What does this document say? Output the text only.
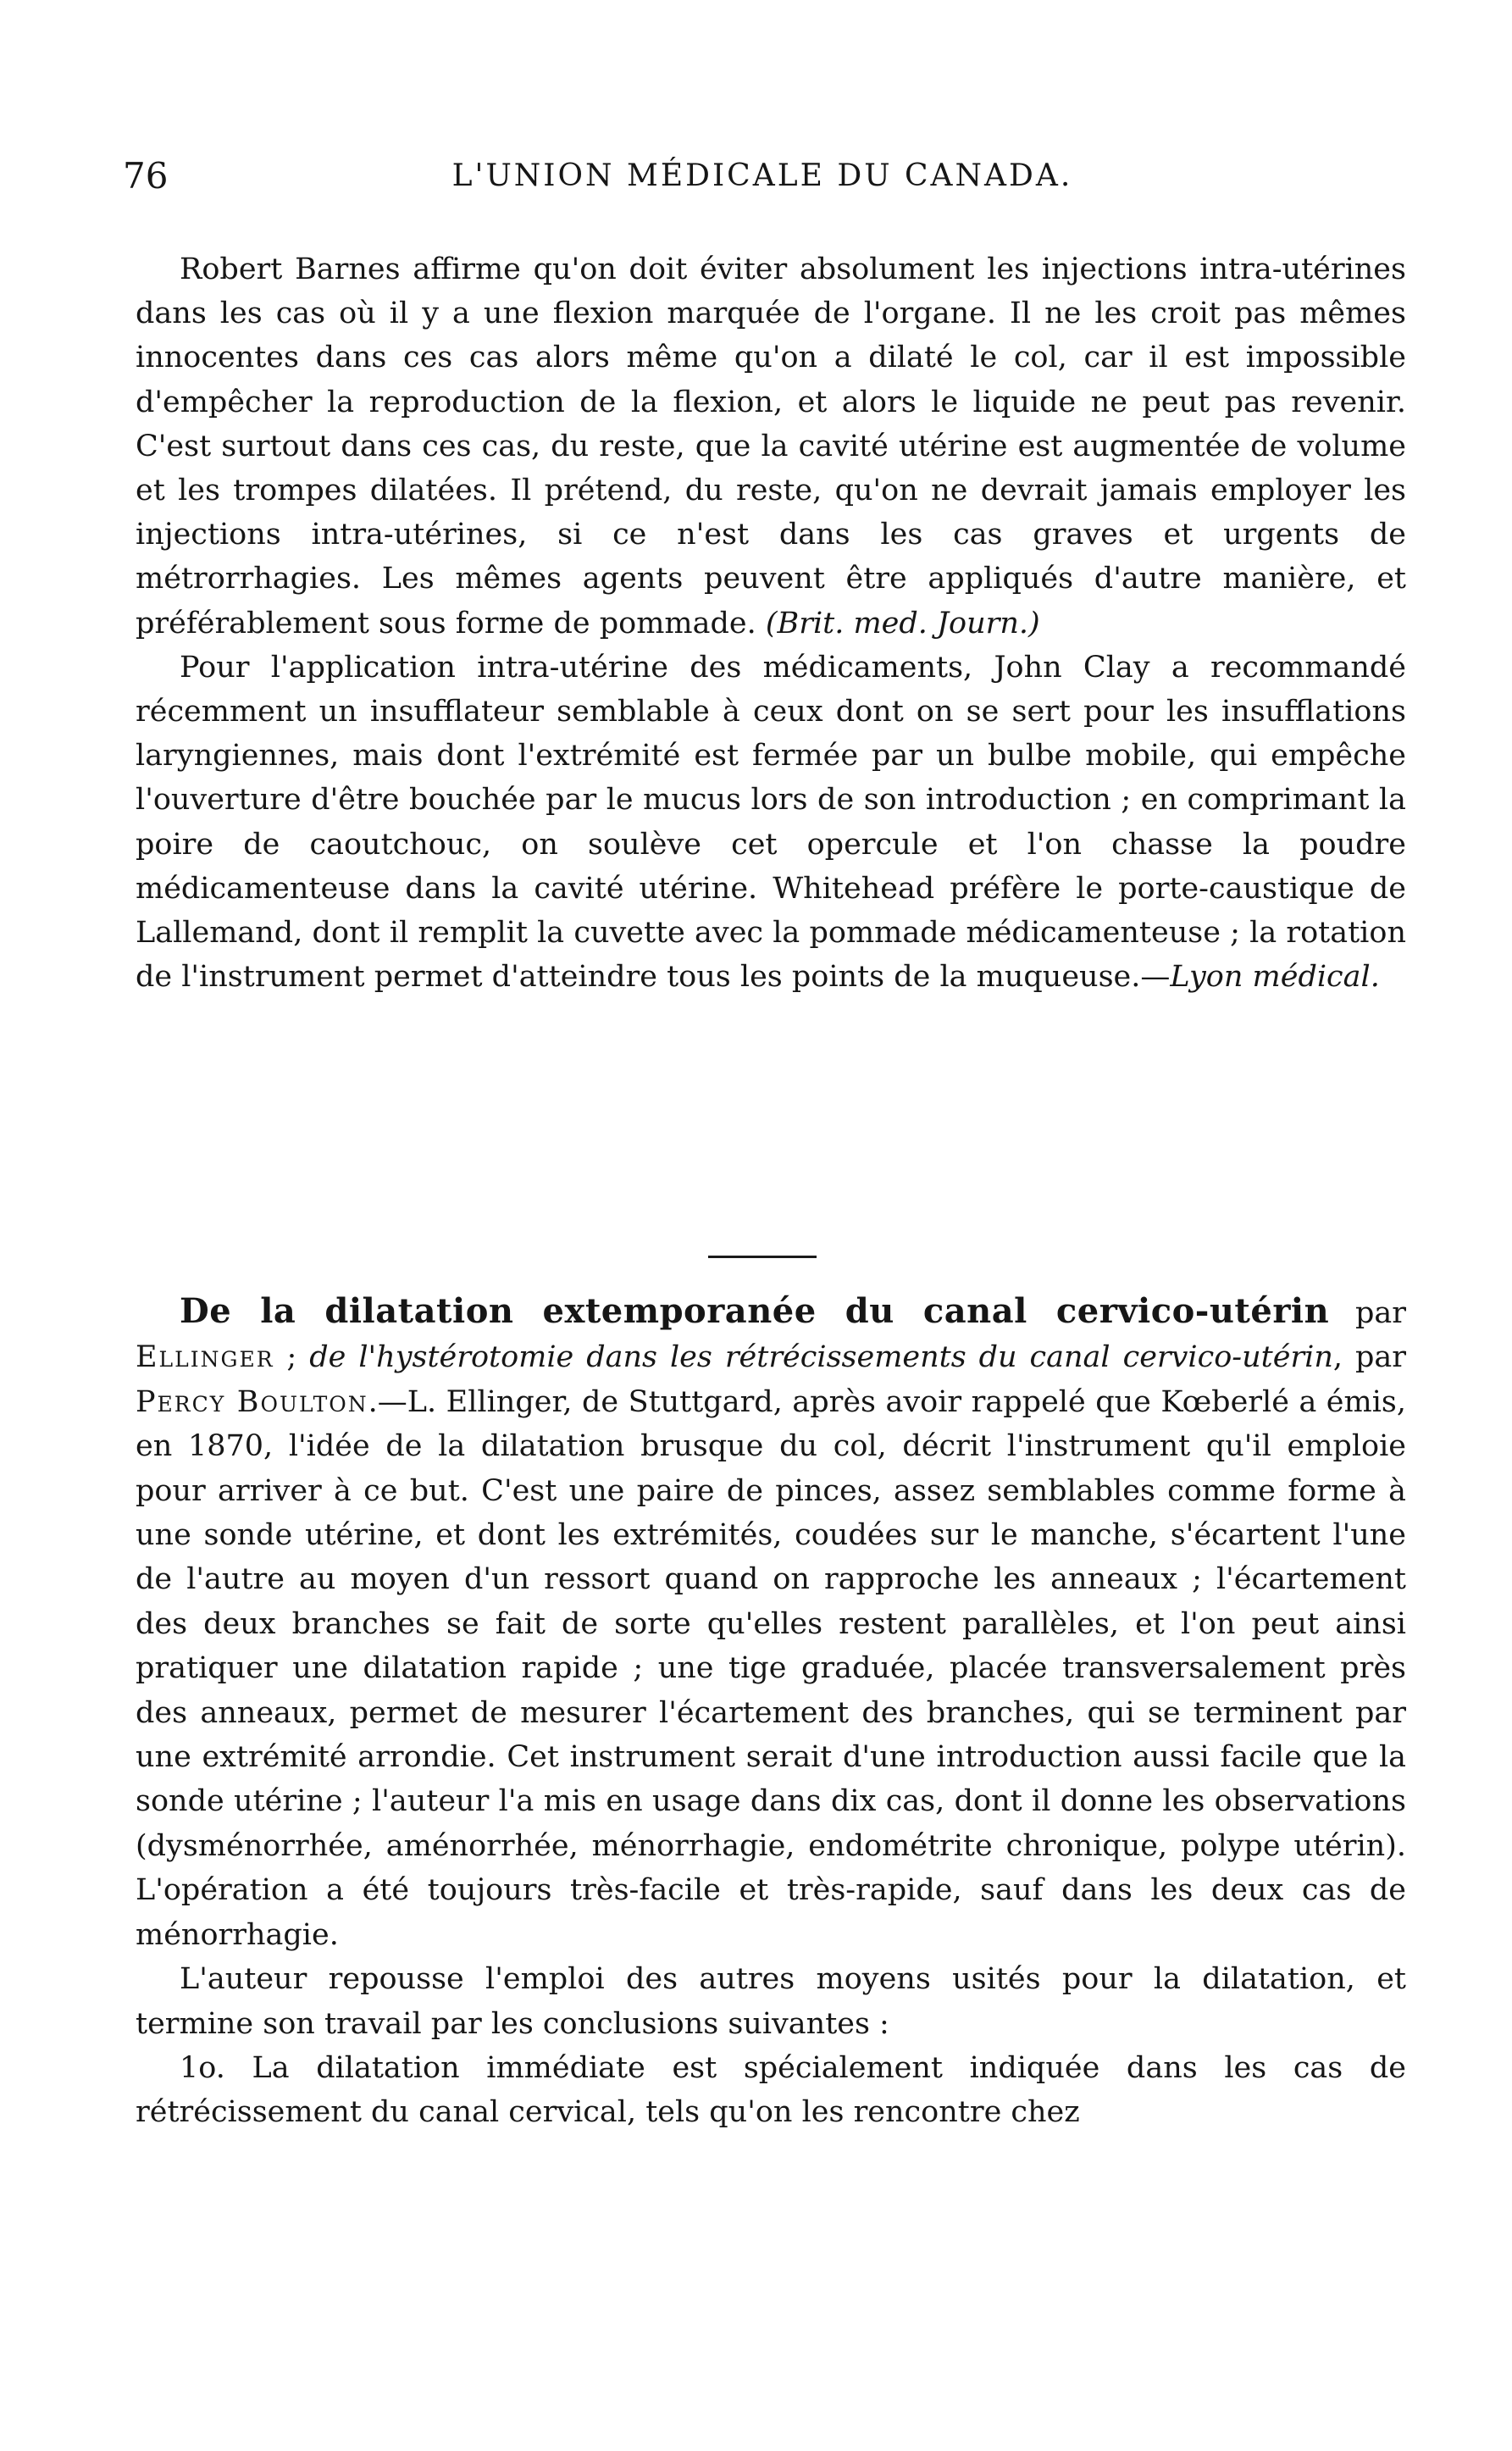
76	L'UNION MÉDICALE DU CANADA.

Robert Barnes affirme qu'on doit éviter absolument les injections intra-utérines dans les cas où il y a une flexion marquée de l'organe. Il ne les croit pas mêmes innocentes dans ces cas alors même qu'on a dilaté le col, car il est impossible d'empêcher la reproduction de la flexion, et alors le liquide ne peut pas revenir. C'est surtout dans ces cas, du reste, que la cavité utérine est augmentée de volume et les trompes dilatées. Il prétend, du reste, qu'on ne devrait jamais employer les injections intra-utérines, si ce n'est dans les cas graves et urgents de métrorrhagies. Les mêmes agents peuvent être appliqués d'autre manière, et préférablement sous forme de pommade. (Brit. med. Journ.)

Pour l'application intra-utérine des médicaments, John Clay a recommandé récemment un insufflateur semblable à ceux dont on se sert pour les insufflations laryngiennes, mais dont l'extrémité est fermée par un bulbe mobile, qui empêche l'ouverture d'être bouchée par le mucus lors de son introduction ; en comprimant la poire de caoutchouc, on soulève cet opercule et l'on chasse la poudre médicamenteuse dans la cavité utérine. Whitehead préfère le porte-caustique de Lallemand, dont il remplit la cuvette avec la pommade médicamenteuse ; la rotation de l'instrument permet d'atteindre tous les points de la muqueuse.—Lyon médical.

De la dilatation extemporanée du canal cervico-utérin par Ellinger ; de l'hystérotomie dans les rétrécissements du canal cervico-utérin, par Percy Boulton.—L. Ellinger, de Stuttgard, après avoir rappelé que Kœberlé a émis, en 1870, l'idée de la dilatation brusque du col, décrit l'instrument qu'il emploie pour arriver à ce but. C'est une paire de pinces, assez semblables comme forme à une sonde utérine, et dont les extrémités, coudées sur le manche, s'écartent l'une de l'autre au moyen d'un ressort quand on rapproche les anneaux ; l'écartement des deux branches se fait de sorte qu'elles restent parallèles, et l'on peut ainsi pratiquer une dilatation rapide ; une tige graduée, placée transversalement près des anneaux, permet de mesurer l'écartement des branches, qui se terminent par une extrémité arrondie. Cet instrument serait d'une introduction aussi facile que la sonde utérine ; l'auteur l'a mis en usage dans dix cas, dont il donne les observations (dysménorrhée, aménorrhée, ménorrhagie, endométrite chronique, polype utérin). L'opération a été toujours très-facile et très-rapide, sauf dans les deux cas de ménorrhagie.

L'auteur repousse l'emploi des autres moyens usités pour la dilatation, et termine son travail par les conclusions suivantes :

1o. La dilatation immédiate est spécialement indiquée dans les cas de rétrécissement du canal cervical, tels qu'on les rencontre chez
